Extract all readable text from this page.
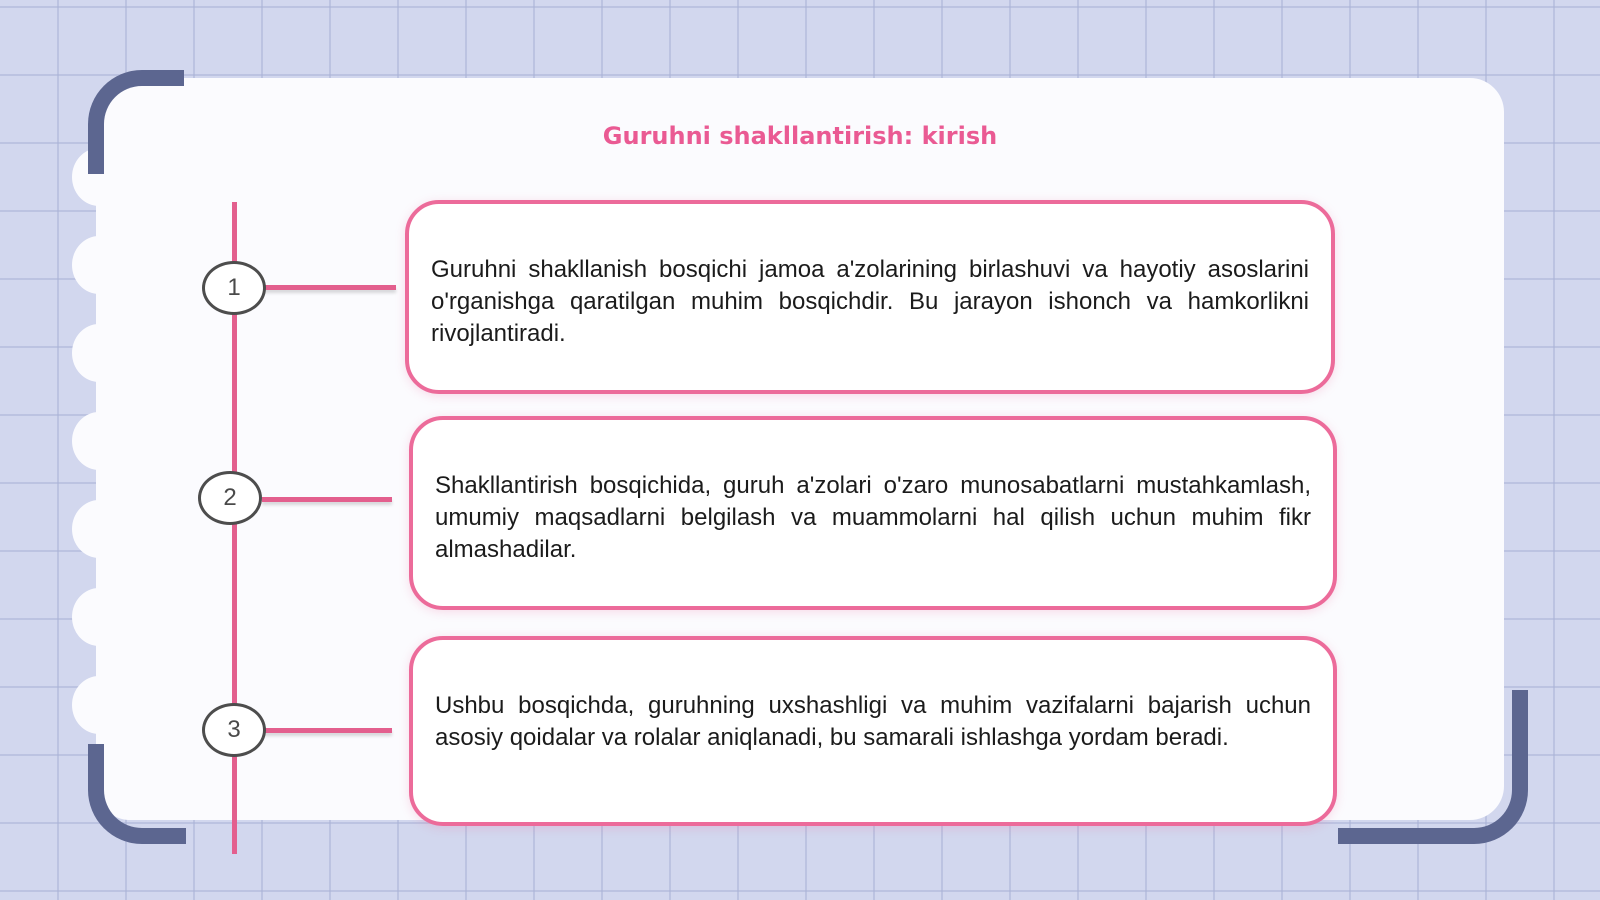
Guruhni shakllantirish: kirish
1
2
3

Guruhni shakllanish bosqichi jamoa a'zolarining birlashuvi va hayotiy asoslarini o'rganishga qaratilgan muhim bosqichdir. Bu jarayon ishonch va hamkorlikni rivojlantiradi.

Shakllantirish bosqichida, guruh a'zolari o'zaro munosabatlarni mustahkamlash, umumiy maqsadlarni belgilash va muammolarni hal qilish uchun muhim fikr almashadilar.

Ushbu bosqichda, guruhning uxshashligi va muhim vazifalarni bajarish uchun asosiy qoidalar va rolalar aniqlanadi, bu samarali ishlashga yordam beradi.
